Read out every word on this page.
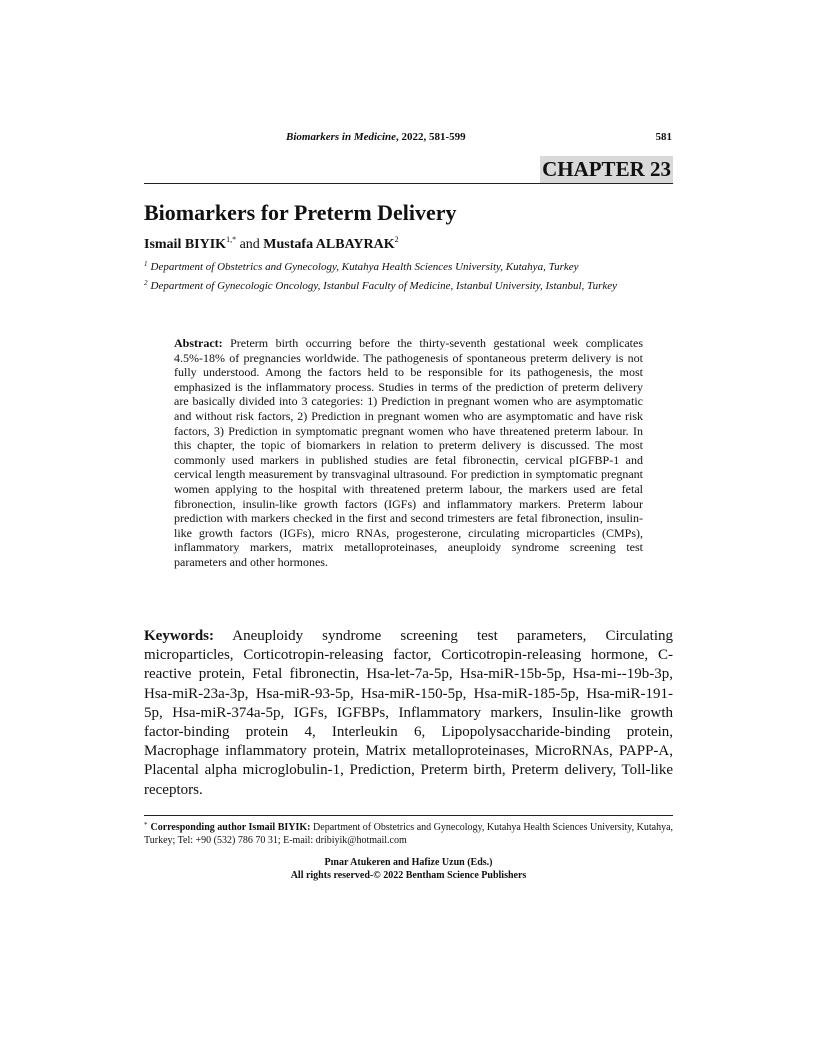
Biomarkers in Medicine, 2022, 581-599	581
CHAPTER 23
Biomarkers for Preterm Delivery
Ismail $BIYIK^{1,*}$ and Mustafa ALBAYRAK$^2$
$^1$ Department of Obstetrics and Gynecology, Kutahya Health Sciences University, Kutahya, Turkey
$^2$ Department of Gynecologic Oncology, Istanbul Faculty of Medicine, Istanbul University, Istanbul, Turkey
Abstract: Preterm birth occurring before the thirty-seventh gestational week complicates 4.5%-18% of pregnancies worldwide. The pathogenesis of spontaneous preterm delivery is not fully understood. Among the factors held to be responsible for its pathogenesis, the most emphasized is the inflammatory process. Studies in terms of the prediction of preterm delivery are basically divided into 3 categories: 1) Prediction in pregnant women who are asymptomatic and without risk factors, 2) Prediction in pregnant women who are asymptomatic and have risk factors, 3) Prediction in symptomatic pregnant women who have threatened preterm labour. In this chapter, the topic of biomarkers in relation to preterm delivery is discussed. The most commonly used markers in published studies are fetal fibronectin, cervical pIGFBP-1 and cervical length measurement by transvaginal ultrasound. For prediction in symptomatic pregnant women applying to the hospital with threatened preterm labour, the markers used are fetal fibronection, insulin-like growth factors (IGFs) and inflammatory markers. Preterm labour prediction with markers checked in the first and second trimesters are fetal fibronection, insulin-like growth factors (IGFs), micro RNAs, progesterone, circulating microparticles (CMPs), inflammatory markers, matrix metalloproteinases, aneuploidy syndrome screening test parameters and other hormones.
Keywords: Aneuploidy syndrome screening test parameters, Circulating microparticles, Corticotropin-releasing factor, Corticotropin-releasing hormone, C-reactive protein, Fetal fibronectin, Hsa-let-7a-5p, Hsa-miR-15b-5p, Hsa-mi--19b-3p, Hsa-miR-23a-3p, Hsa-miR-93-5p, Hsa-miR-150-5p, Hsa-miR-185-5p, Hsa-miR-191-5p, Hsa-miR-374a-5p, IGFs, IGFBPs, Inflammatory markers, Insulin-like growth factor-binding protein 4, Interleukin 6, Lipopolysaccharide-binding protein, Macrophage inflammatory protein, Matrix metalloproteinases, MicroRNAs, PAPP-A, Placental alpha microglobulin-1, Prediction, Preterm birth, Preterm delivery, Toll-like receptors.
* Corresponding author Ismail BIYIK: Department of Obstetrics and Gynecology, Kutahya Health Sciences University, Kutahya, Turkey; Tel: +90 (532) 786 70 31; E-mail: dribiyik@hotmail.com
Pınar Atukeren and Hafize Uzun (Eds.)
All rights reserved-© 2022 Bentham Science Publishers
